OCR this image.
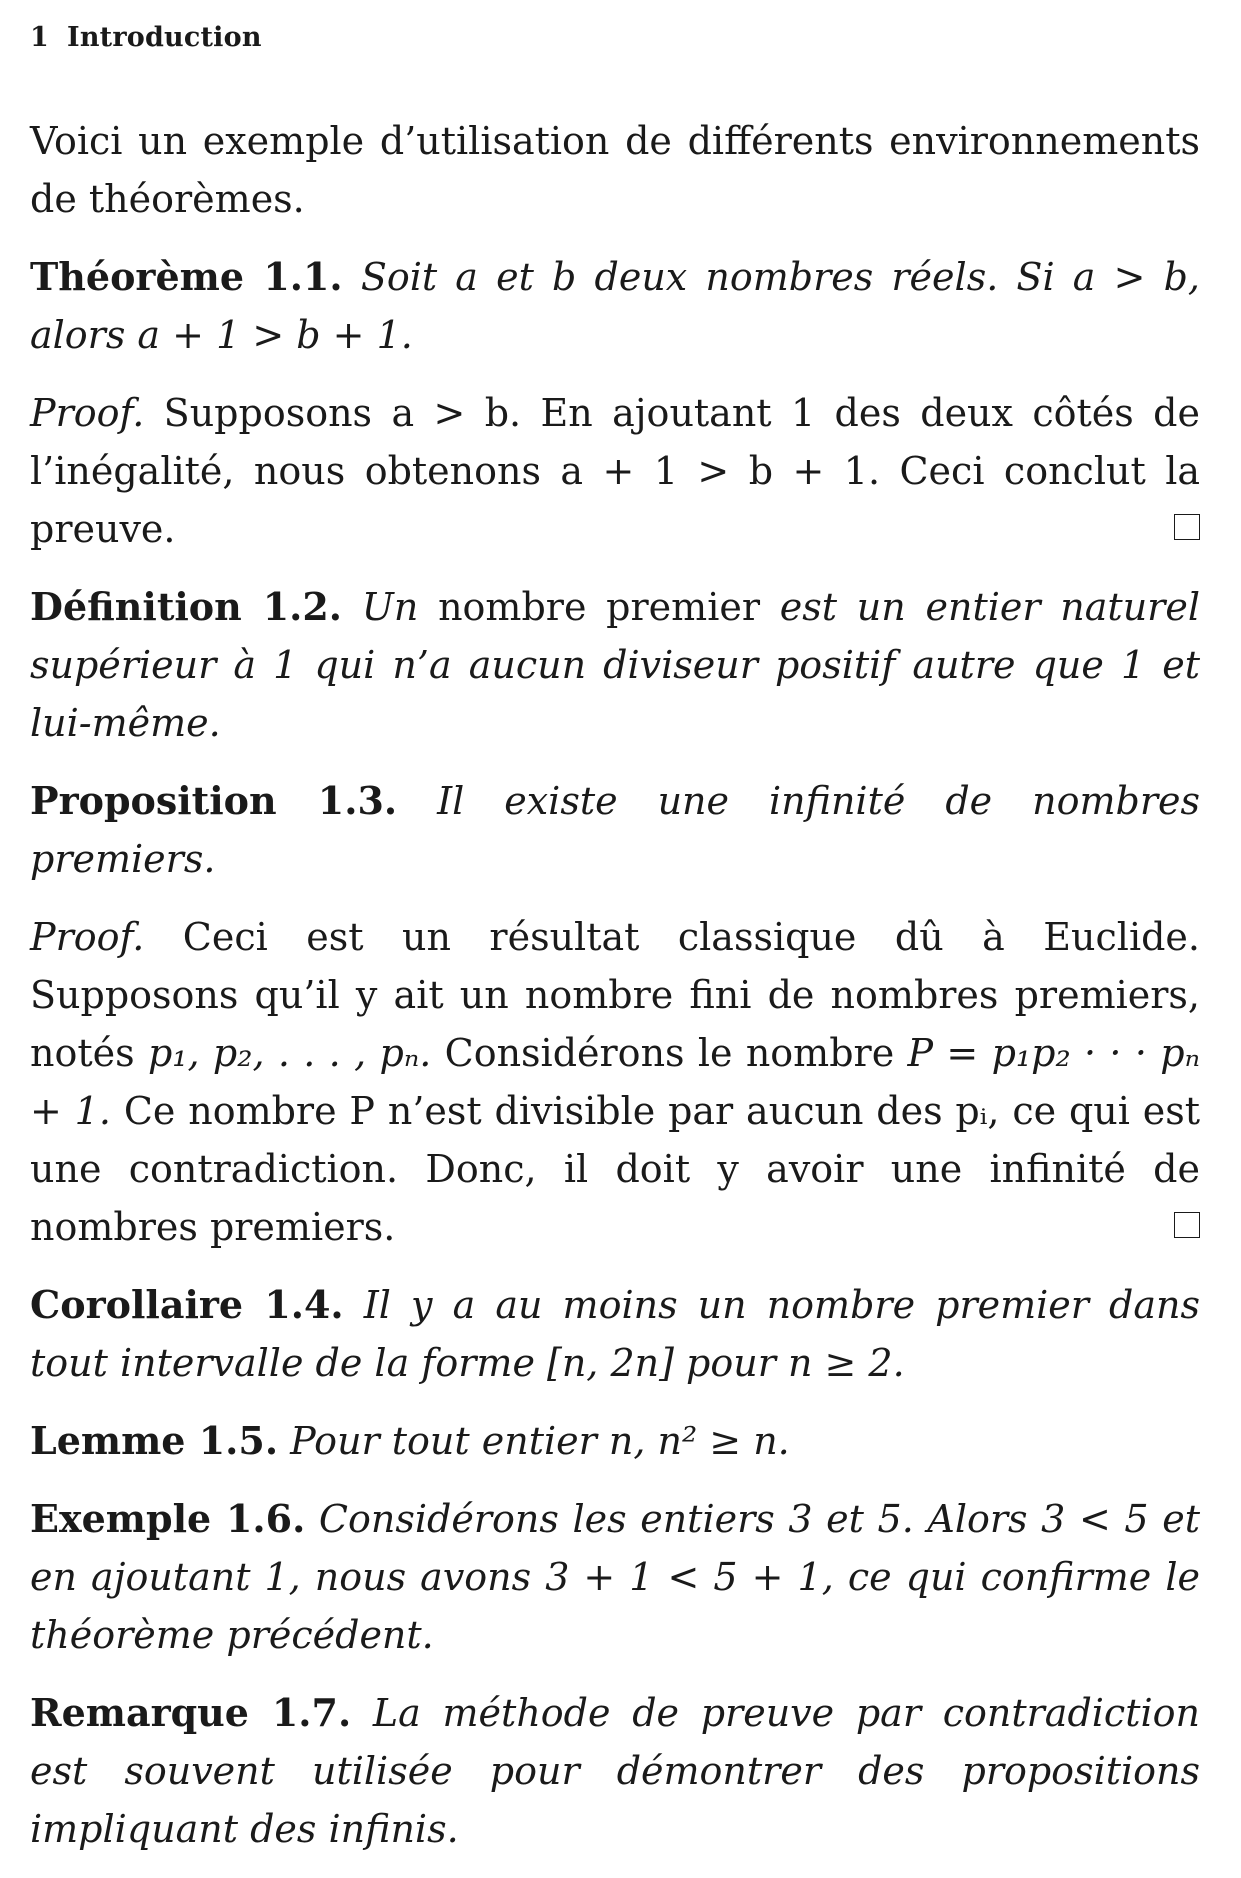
1 Introduction

Voici un exemple d’utilisation de différents environnements de théorèmes.

Théorème 1.1. Soit a et b deux nombres réels. Si a > b, alors a + 1 > b + 1.
Proof. Supposons a > b. En ajoutant 1 des deux côtés de l’inégalité, nous obtenons a + 1 > b + 1. Ceci conclut la preuve.
Définition 1.2. Un nombre premier est un entier naturel supérieur à 1 qui n’a aucun diviseur positif autre que 1 et lui-même.
Proposition 1.3. Il existe une infinité de nombres premiers.
Proof. Ceci est un résultat classique dû à Euclide. Supposons qu’il y ait un nombre fini de nombres premiers, notés p₁, p₂, . . . , pₙ. Considérons le nombre P = p₁p₂ · · · pₙ + 1. Ce nombre P n’est divisible par aucun des pᵢ, ce qui est une contradiction. Donc, il doit y avoir une infinité de nombres premiers.
Corollaire 1.4. Il y a au moins un nombre premier dans tout intervalle de la forme [n, 2n] pour n ≥ 2.
Lemme 1.5. Pour tout entier n, n² ≥ n.
Exemple 1.6. Considérons les entiers 3 et 5. Alors 3 < 5 et en ajoutant 1, nous avons 3 + 1 < 5 + 1, ce qui confirme le théorème précédent.
Remarque 1.7. La méthode de preuve par contradiction est souvent utilisée pour démontrer des propositions impliquant des infinis.
